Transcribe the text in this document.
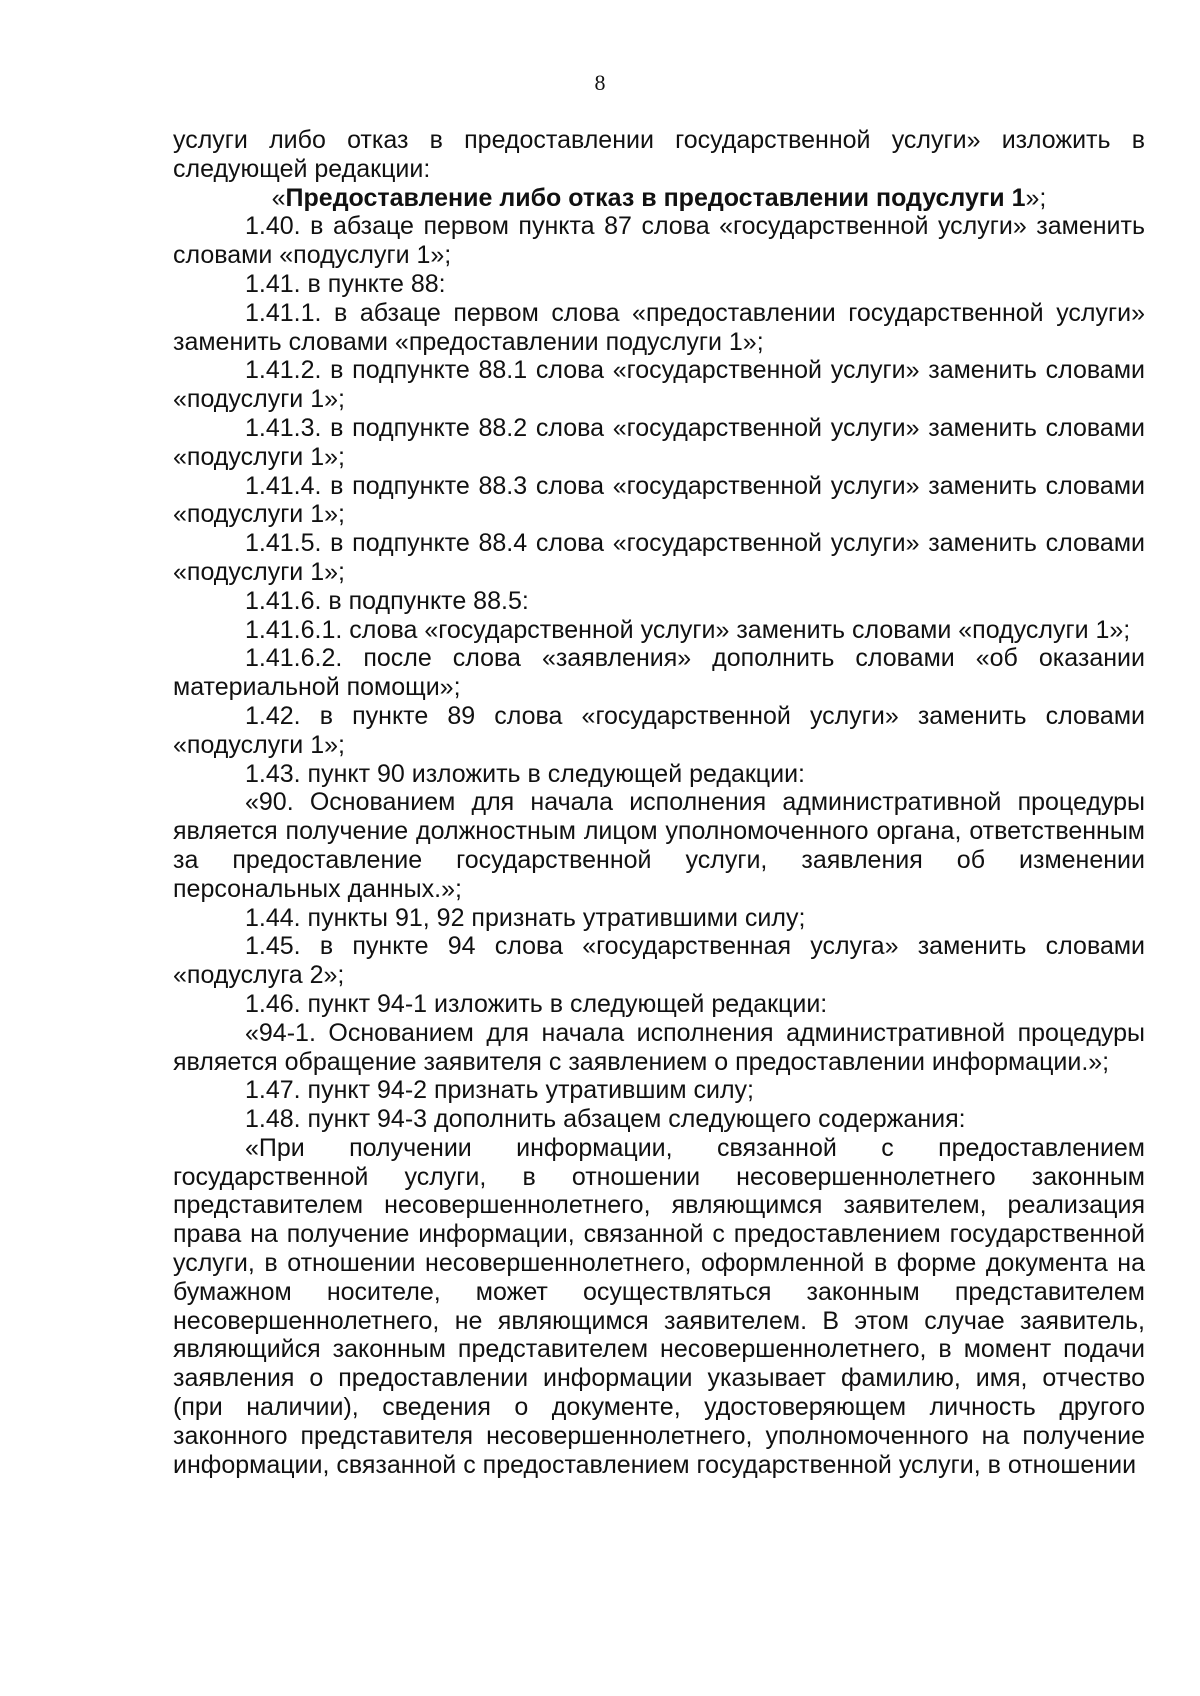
8

услуги либо отказ в предоставлении государственной услуги» изложить в следующей редакции:

«Предоставление либо отказ в предоставлении подуслуги 1»;

1.40. в абзаце первом пункта 87 слова «государственной услуги» заменить словами «подуслуги 1»;

1.41. в пункте 88:

1.41.1. в абзаце первом слова «предоставлении государственной услуги» заменить словами «предоставлении подуслуги 1»;

1.41.2. в подпункте 88.1 слова «государственной услуги» заменить словами «подуслуги 1»;

1.41.3. в подпункте 88.2 слова «государственной услуги» заменить словами «подуслуги 1»;

1.41.4. в подпункте 88.3 слова «государственной услуги» заменить словами «подуслуги 1»;

1.41.5. в подпункте 88.4 слова «государственной услуги» заменить словами «подуслуги 1»;

1.41.6. в подпункте 88.5:

1.41.6.1. слова «государственной услуги» заменить словами «подуслуги 1»;

1.41.6.2. после слова «заявления» дополнить словами «об оказании материальной помощи»;

1.42. в пункте 89 слова «государственной услуги» заменить словами «подуслуги 1»;

1.43. пункт 90 изложить в следующей редакции:

«90. Основанием для начала исполнения административной процедуры является получение должностным лицом уполномоченного органа, ответственным за предоставление государственной услуги, заявления об изменении персональных данных.»;

1.44. пункты 91, 92 признать утратившими силу;

1.45. в пункте 94 слова «государственная услуга» заменить словами «подуслуга 2»;

1.46. пункт 94-1 изложить в следующей редакции:

«94-1. Основанием для начала исполнения административной процедуры является обращение заявителя с заявлением о предоставлении информации.»;

1.47. пункт 94-2 признать утратившим силу;

1.48. пункт 94-3 дополнить абзацем следующего содержания:

«При получении информации, связанной с предоставлением государственной услуги, в отношении несовершеннолетнего законным представителем несовершеннолетнего, являющимся заявителем, реализация права на получение информации, связанной с предоставлением государственной услуги, в отношении несовершеннолетнего, оформленной в форме документа на бумажном носителе, может осуществляться законным представителем несовершеннолетнего, не являющимся заявителем. В этом случае заявитель, являющийся законным представителем несовершеннолетнего, в момент подачи заявления о предоставлении информации указывает фамилию, имя, отчество (при наличии), сведения о документе, удостоверяющем личность другого законного представителя несовершеннолетнего, уполномоченного на получение информации, связанной с предоставлением государственной услуги, в отношении
